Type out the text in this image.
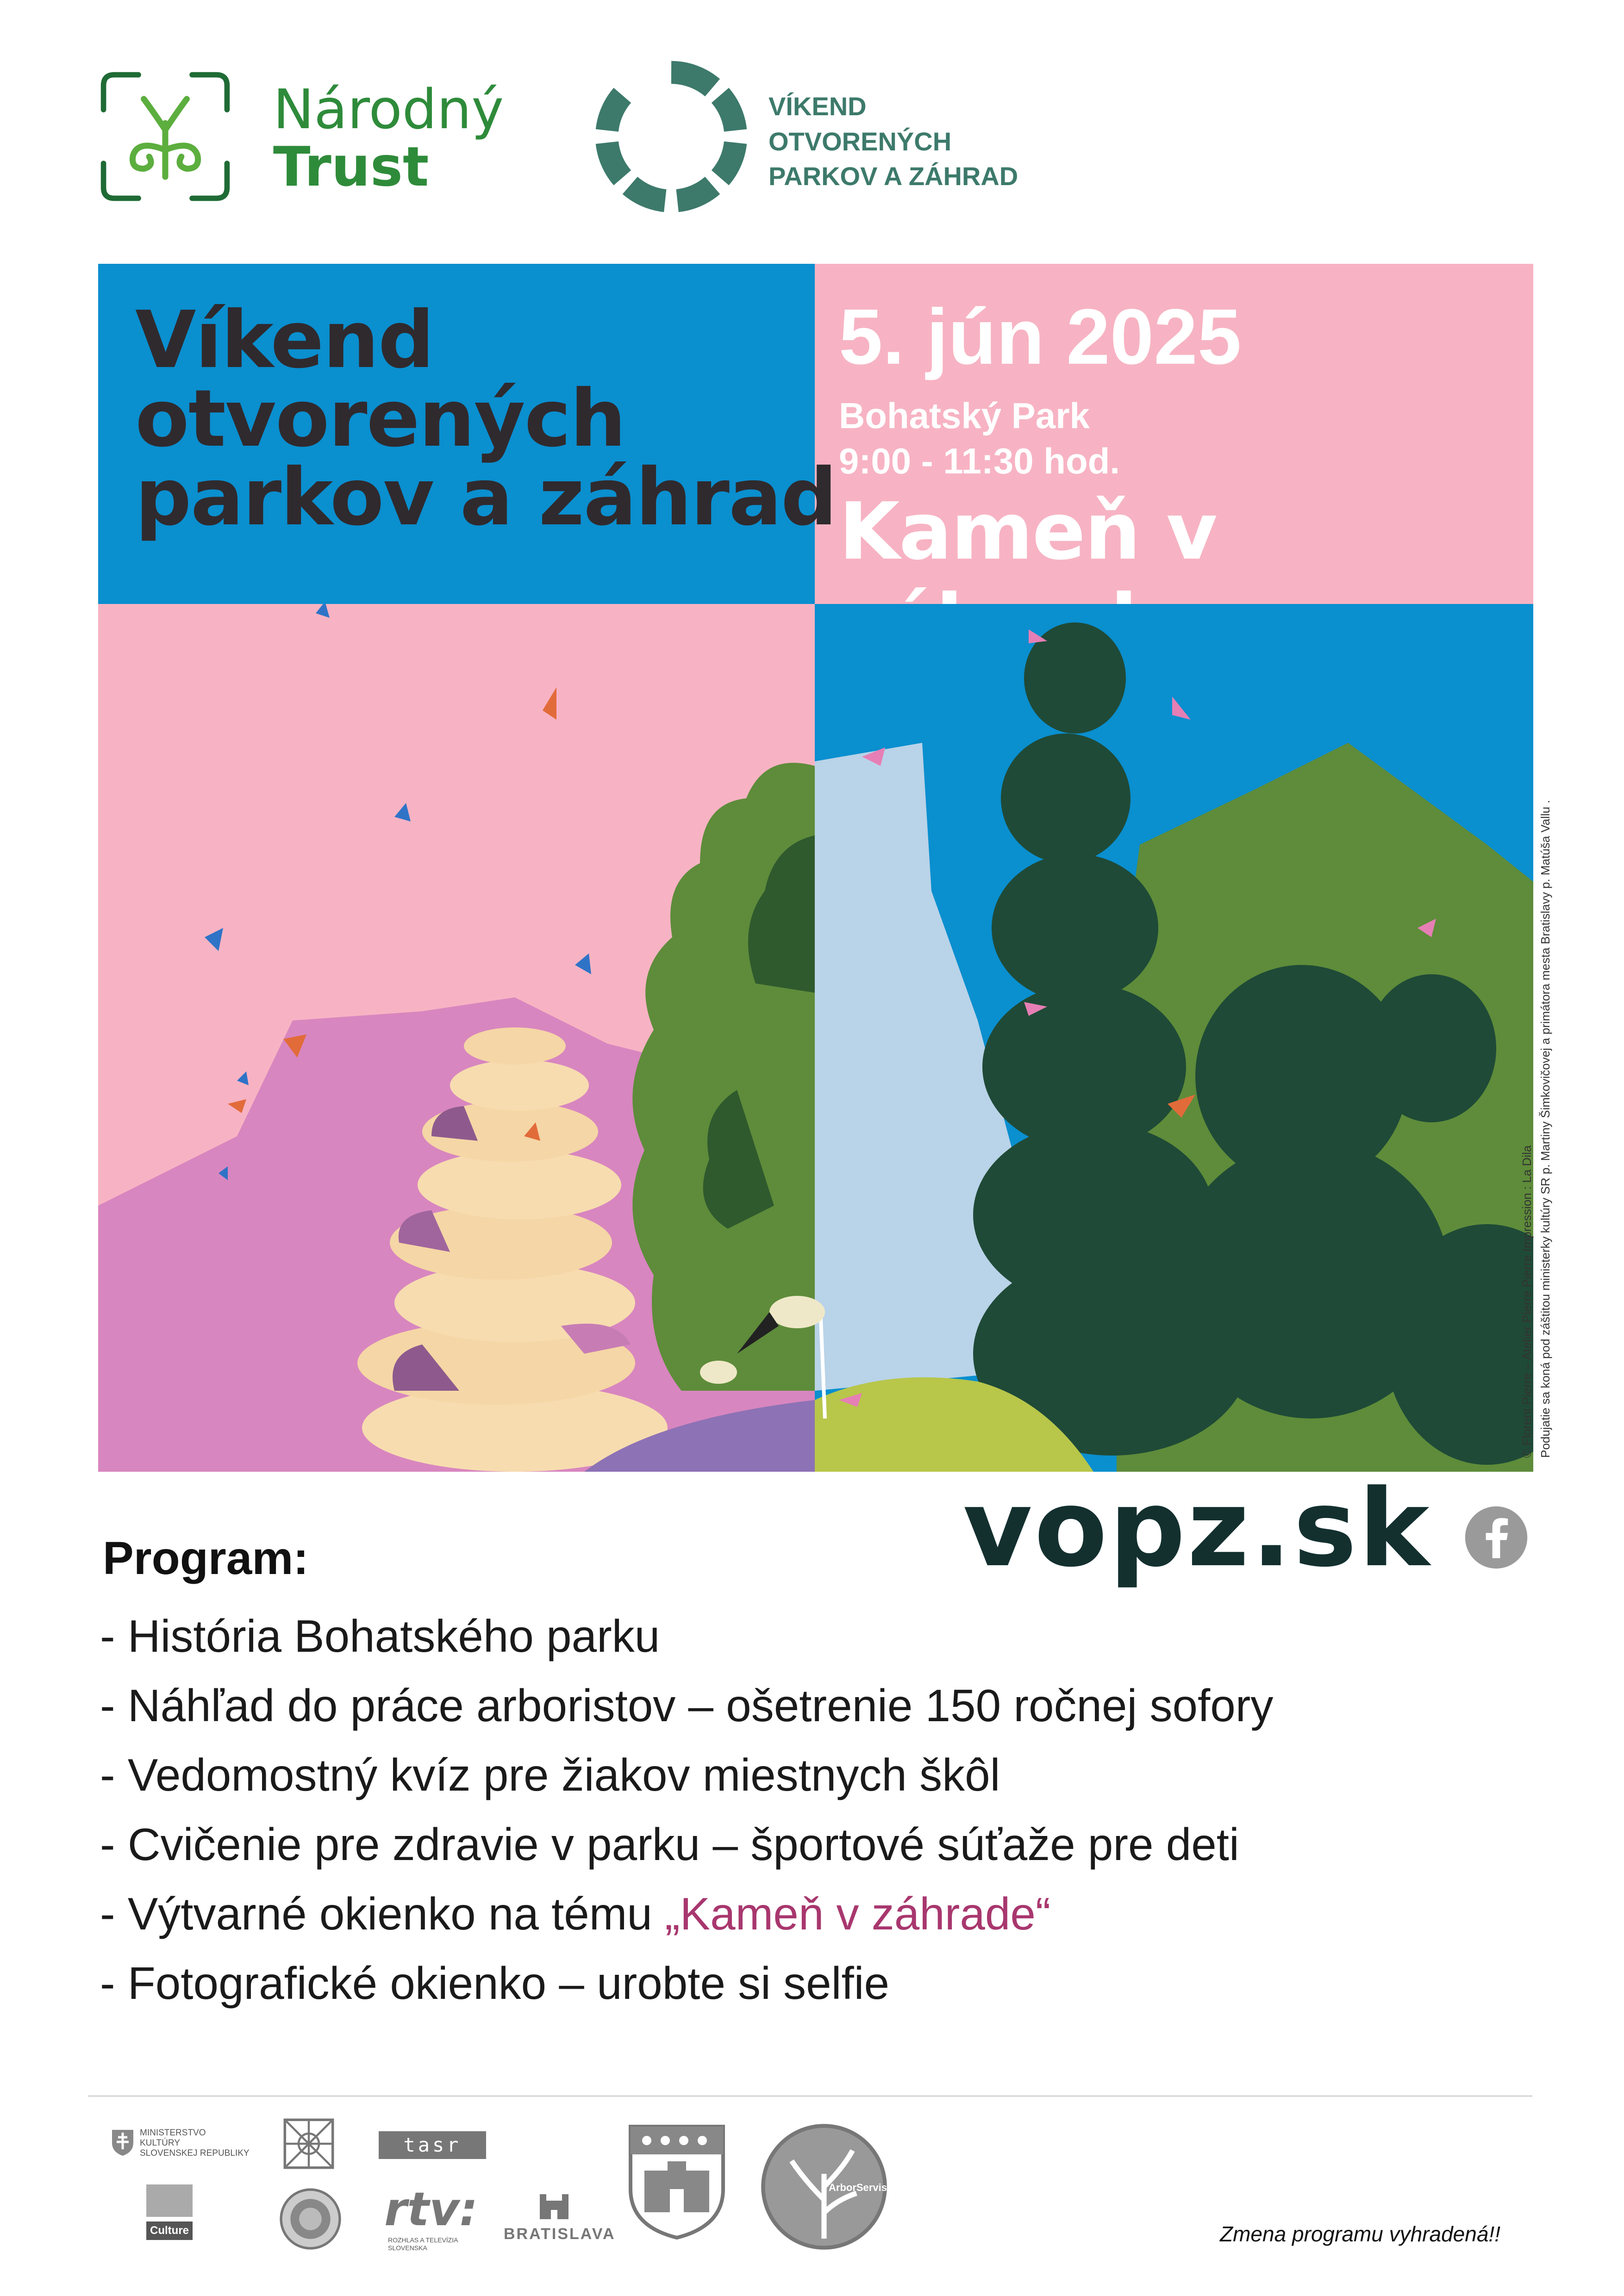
Národný
Trust
VÍKEND
OTVORENÝCH
PARKOV A ZÁHRAD
Víkend
otvorených
parkov a záhrad
5. jún 2025
Bohatský Park
9:00 - 11:30 hod.
Kameň v
© Florent Pierre – Atelier Pierre Pierre Impression : La Dila Podujatie sa koná pod záštitou ministerky kultúry SR p. Martiny Šimkovičovej a primátora mesta Bratislavy p. Matúša Vallu .
vopz.sk
Program:
- História Bohatského parku
- Náhľad do práce arboristov – ošetrenie 150 ročnej sofory
- Vedomostný kvíz pre žiakov miestnych škôl
- Cvičenie pre zdravie v parku – športové súťaže pre deti
- Výtvarné okienko na tému „Kameň v záhrade“
- Fotografické okienko – urobte si selfie
MINISTERSTVO
KULTÚRY
SLOVENSKEJ REPUBLIKY
Culture
tasr
rtv:
ROZHLAS A TELEVÍZIA
SLOVENSKA
BRATISLAVA
ArborServis
Zmena programu vyhradená!!
